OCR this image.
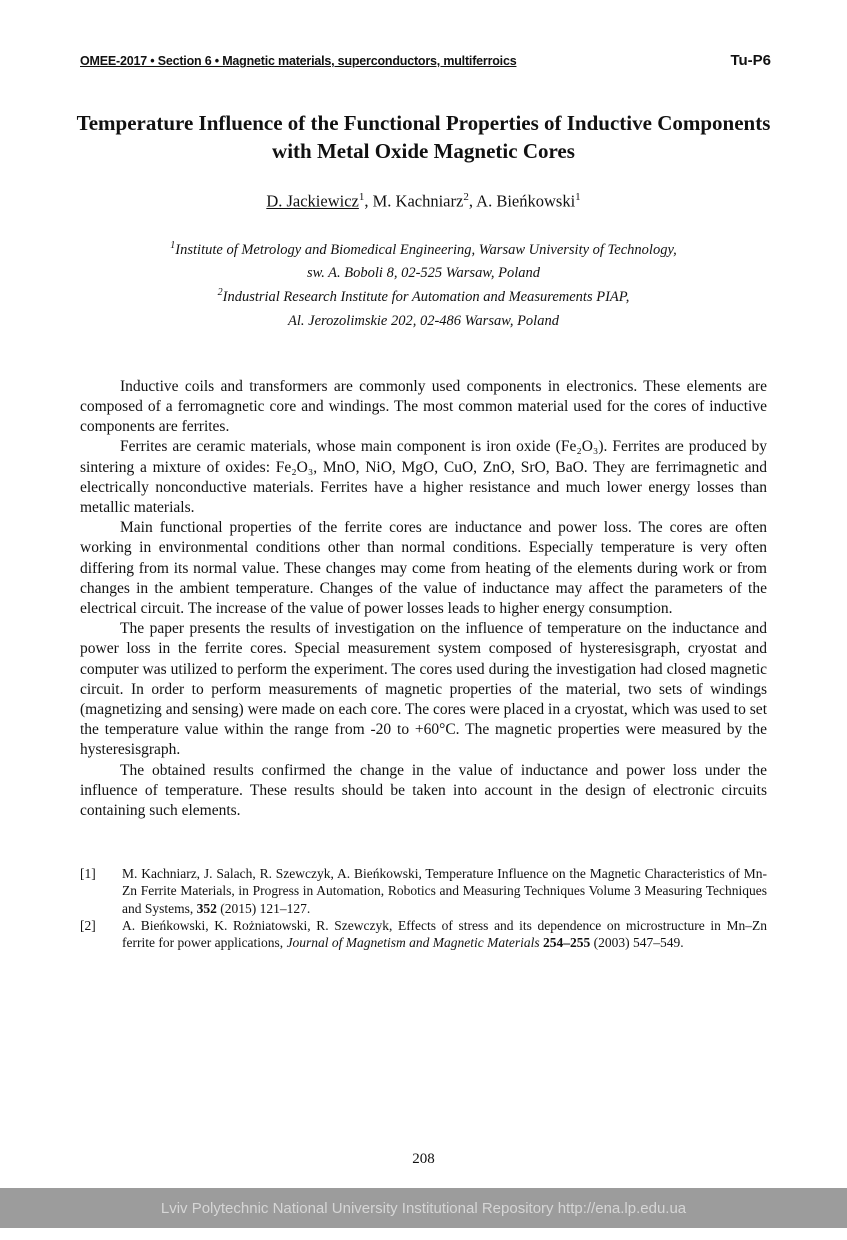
OMEE-2017 • Section 6 • Magnetic materials, superconductors, multiferroics	Tu-P6
Temperature Influence of the Functional Properties of Inductive Components with Metal Oxide Magnetic Cores
D. Jackiewicz$^1$, M. Kachniarz$^2$, A. Bieńkowski$^1$
$^1$Institute of Metrology and Biomedical Engineering, Warsaw University of Technology,
sw. A. Boboli 8, 02-525 Warsaw, Poland
$^2$Industrial Research Institute for Automation and Measurements PIAP,
Al. Jerozolimskie 202, 02-486 Warsaw, Poland

Inductive coils and transformers are commonly used components in electronics. These elements are composed of a ferromagnetic core and windings. The most common material used for the cores of inductive components are ferrites.

Ferrites are ceramic materials, whose main component is iron oxide (Fe₂O₃). Ferrites are produced by sintering a mixture of oxides: Fe₂O₃, MnO, NiO, MgO, CuO, ZnO, SrO, BaO. They are ferrimagnetic and electrically nonconductive materials. Ferrites have a higher resistance and much lower energy losses than metallic materials.

Main functional properties of the ferrite cores are inductance and power loss. The cores are often working in environmental conditions other than normal conditions. Especially temperature is very often differing from its normal value. These changes may come from heating of the elements during work or from changes in the ambient temperature. Changes of the value of inductance may affect the parameters of the electrical circuit. The increase of the value of power losses leads to higher energy consumption.

The paper presents the results of investigation on the influence of temperature on the inductance and power loss in the ferrite cores. Special measurement system composed of hysteresisgraph, cryostat and computer was utilized to perform the experiment. The cores used during the investigation had closed magnetic circuit. In order to perform measurements of magnetic properties of the material, two sets of windings (magnetizing and sensing) were made on each core. The cores were placed in a cryostat, which was used to set the temperature value within the range from -20 to +60°C. The magnetic properties were measured by the hysteresisgraph.

The obtained results confirmed the change in the value of inductance and power loss under the influence of temperature. These results should be taken into account in the design of electronic circuits containing such elements.

[1]	M. Kachniarz, J. Salach, R. Szewczyk, A. Bieńkowski, Temperature Influence on the Magnetic Characteristics of Mn-Zn Ferrite Materials, in Progress in Automation, Robotics and Measuring Techniques Volume 3 Measuring Techniques and Systems, 352 (2015) 121–127.
[2]	A. Bieńkowski, K. Rożniatowski, R. Szewczyk, Effects of stress and its dependence on microstructure in Mn–Zn ferrite for power applications, Journal of Magnetism and Magnetic Materials 254–255 (2003) 547–549.
208
Lviv Polytechnic National University Institutional Repository http://ena.lp.edu.ua
